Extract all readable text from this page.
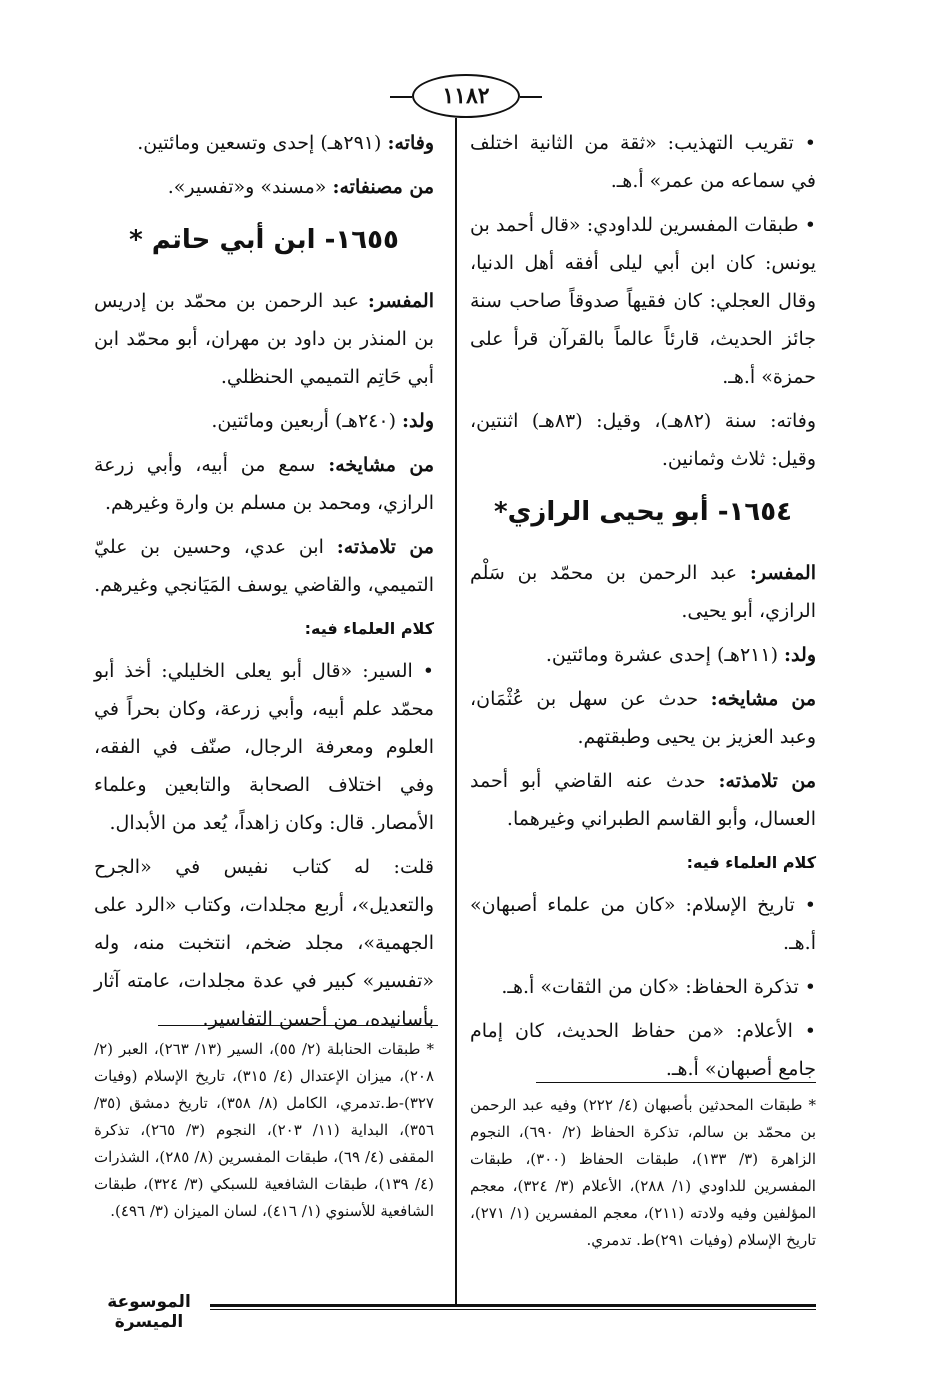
١١٨٢

• تقريب التهذيب: «ثقة من الثانية اختلف في سماعه من عمر» أ.هـ.

• طبقات المفسرين للداودي: «قال أحمد بن يونس: كان ابن أبي ليلى أفقه أهل الدنيا، وقال العجلي: كان فقيهاً صدوقاً صاحب سنة جائز الحديث، قارئاً عالماً بالقرآن قرأ على حمزة» أ.هـ.

وفاته: سنة (٨٢هـ)، وقيل: (٨٣هـ) اثنتين، وقيل: ثلاث وثمانين.

١٦٥٤- أبو يحيى الرازي*

المفسر: عبد الرحمن بن محمّد بن سَلْم الرازي، أبو يحيى.

ولد: (٢١١هـ) إحدى عشرة ومائتين.

من مشايخه: حدث عن سهل بن عُثْمَان، وعبد العزيز بن يحيى وطبقتهم.

من تلامذته: حدث عنه القاضي أبو أحمد العسال، وأبو القاسم الطبراني وغيرهما.

كلام العلماء فيه:

• تاريخ الإسلام: «كان من علماء أصبهان» أ.هـ.

• تذكرة الحفاظ: «كان من الثقات» أ.هـ.

• الأعلام: «من حفاظ الحديث، كان إمام جامع أصبهان» أ.هـ.

وفاته: (٢٩١هـ) إحدى وتسعين ومائتين.

من مصنفاته: «مسند» و«تفسير».

١٦٥٥- ابن أبي حاتم *

المفسر: عبد الرحمن بن محمّد بن إدريس بن المنذر بن داود بن مهران، أبو محمّد ابن أبي حَاتِم التميمي الحنظلي.

ولد: (٢٤٠هـ) أربعين ومائتين.

من مشايخه: سمع من أبيه، وأبي زرعة الرازي، ومحمد بن مسلم بن وارة وغيرهم.

من تلامذته: ابن عدي، وحسين بن عليّ التميمي، والقاضي يوسف المَيَانجي وغيرهم.

كلام العلماء فيه:

• السير: «قال أبو يعلى الخليلي: أخذ أبو محمّد علم أبيه، وأبي زرعة، وكان بحراً في العلوم ومعرفة الرجال، صنّف في الفقه، وفي اختلاف الصحابة والتابعين وعلماء الأمصار. قال: وكان زاهداً، يُعد من الأبدال.

قلت: له كتاب نفيس في «الجرح والتعديل»، أربع مجلدات، وكتاب «الرد على الجهمية»، مجلد ضخم، انتخبت منه، وله «تفسير» كبير في عدة مجلدات، عامته آثار بأسانيده، من أحسن التفاسير.

* طبقات الحنابلة (٢/ ٥٥)، السير (١٣/ ٢٦٣)، العبر (٢/ ٢٠٨)، ميزان الإعتدال (٤/ ٣١٥)، تاريخ الإسلام (وفيات ٣٢٧)-ط.تدمري، الكامل (٨/ ٣٥٨)، تاريخ دمشق (٣٥/ ٣٥٦)، البداية (١١/ ٢٠٣)، النجوم (٣/ ٢٦٥)، تذكرة المقفى (٤/ ٦٩)، طبقات المفسرين (٨/ ٢٨٥)، الشذرات (٤/ ١٣٩)، طبقات الشافعية للسبكي (٣/ ٣٢٤)، طبقات الشافعية للأسنوي (١/ ٤١٦)، لسان الميزان (٣/ ٤٩٦).
* طبقات المحدثين بأصبهان (٤/ ٢٢٢) وفيه عبد الرحمن بن محمّد بن سالم، تذكرة الحفاظ (٢/ ٦٩٠)، النجوم الزاهرة (٣/ ١٣٣)، طبقات الحفاظ (٣٠٠)، طبقات المفسرين للداودي (١/ ٢٨٨)، الأعلام (٣/ ٣٢٤)، معجم المؤلفين وفيه ولادته (٢١١)، معجم المفسرين (١/ ٢٧١)، تاريخ الإسلام (وفيات ٢٩١)ط. تدمري.
الموسوعة الميسرة
